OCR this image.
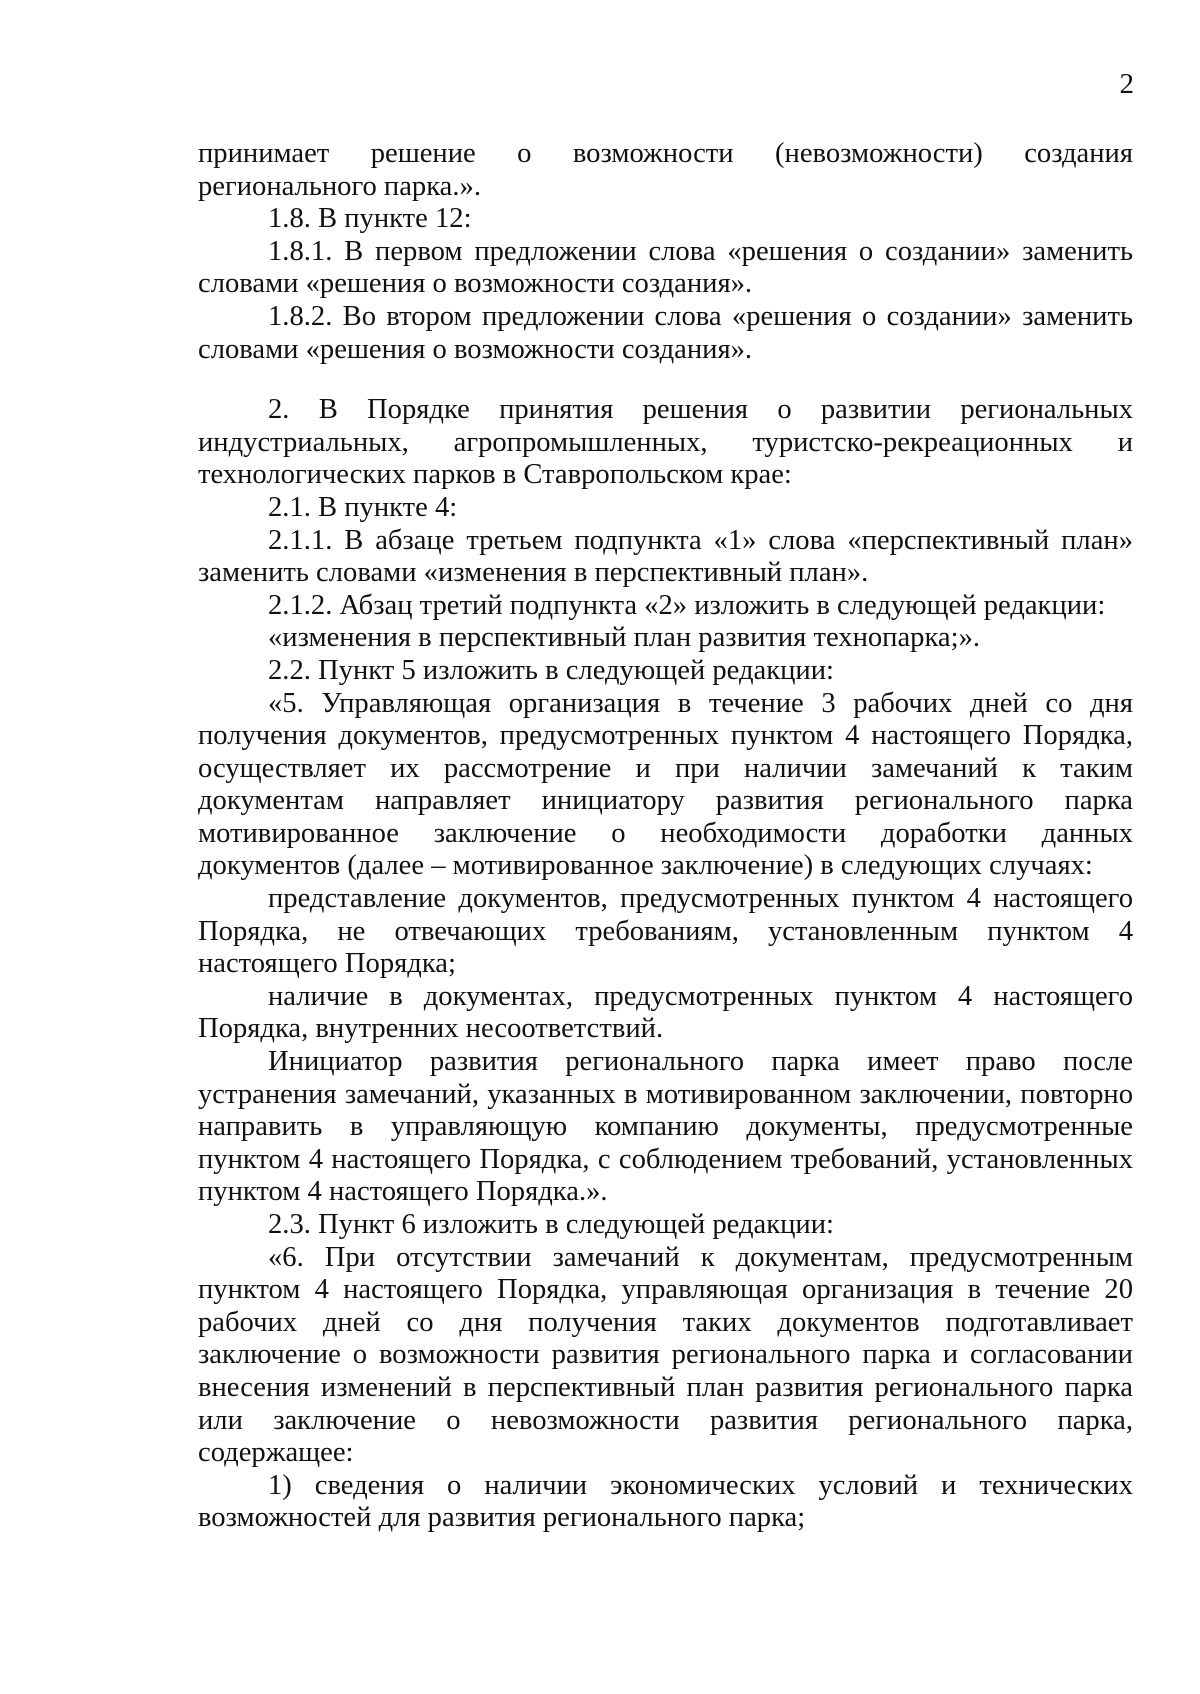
2

принимает решение о возможности (невозможности) создания регионального парка.».

1.8. В пункте 12:

1.8.1. В первом предложении слова «решения о создании» заменить словами «решения о возможности создания».

1.8.2. Во втором предложении слова «решения о создании» заменить словами «решения о возможности создания».

2. В Порядке принятия решения о развитии региональных индустриальных, агропромышленных, туристско-рекреационных и технологических парков в Ставропольском крае:

2.1. В пункте 4:

2.1.1. В абзаце третьем подпункта «1» слова «перспективный план» заменить словами «изменения в перспективный план».

2.1.2. Абзац третий подпункта «2» изложить в следующей редакции:

«изменения в перспективный план развития технопарка;».

2.2. Пункт 5 изложить в следующей редакции:

«5. Управляющая организация в течение 3 рабочих дней со дня получения документов, предусмотренных пунктом 4 настоящего Порядка, осуществляет их рассмотрение и при наличии замечаний к таким документам направляет инициатору развития регионального парка мотивированное заключение о необходимости доработки данных документов (далее – мотивированное заключение) в следующих случаях:

представление документов, предусмотренных пунктом 4 настоящего Порядка, не отвечающих требованиям, установленным пунктом 4 настоящего Порядка;

наличие в документах, предусмотренных пунктом 4 настоящего Порядка, внутренних несоответствий.

Инициатор развития регионального парка имеет право после устранения замечаний, указанных в мотивированном заключении, повторно направить в управляющую компанию документы, предусмотренные пунктом 4 настоящего Порядка, с соблюдением требований, установленных пунктом 4 настоящего Порядка.».

2.3. Пункт 6 изложить в следующей редакции:

«6. При отсутствии замечаний к документам, предусмотренным пунктом 4 настоящего Порядка, управляющая организация в течение 20 рабочих дней со дня получения таких документов подготавливает заключение о возможности развития регионального парка и согласовании внесения изменений в перспективный план развития регионального парка или заключение о невозможности развития регионального парка, содержащее:

1) сведения о наличии экономических условий и технических возможностей для развития регионального парка;
